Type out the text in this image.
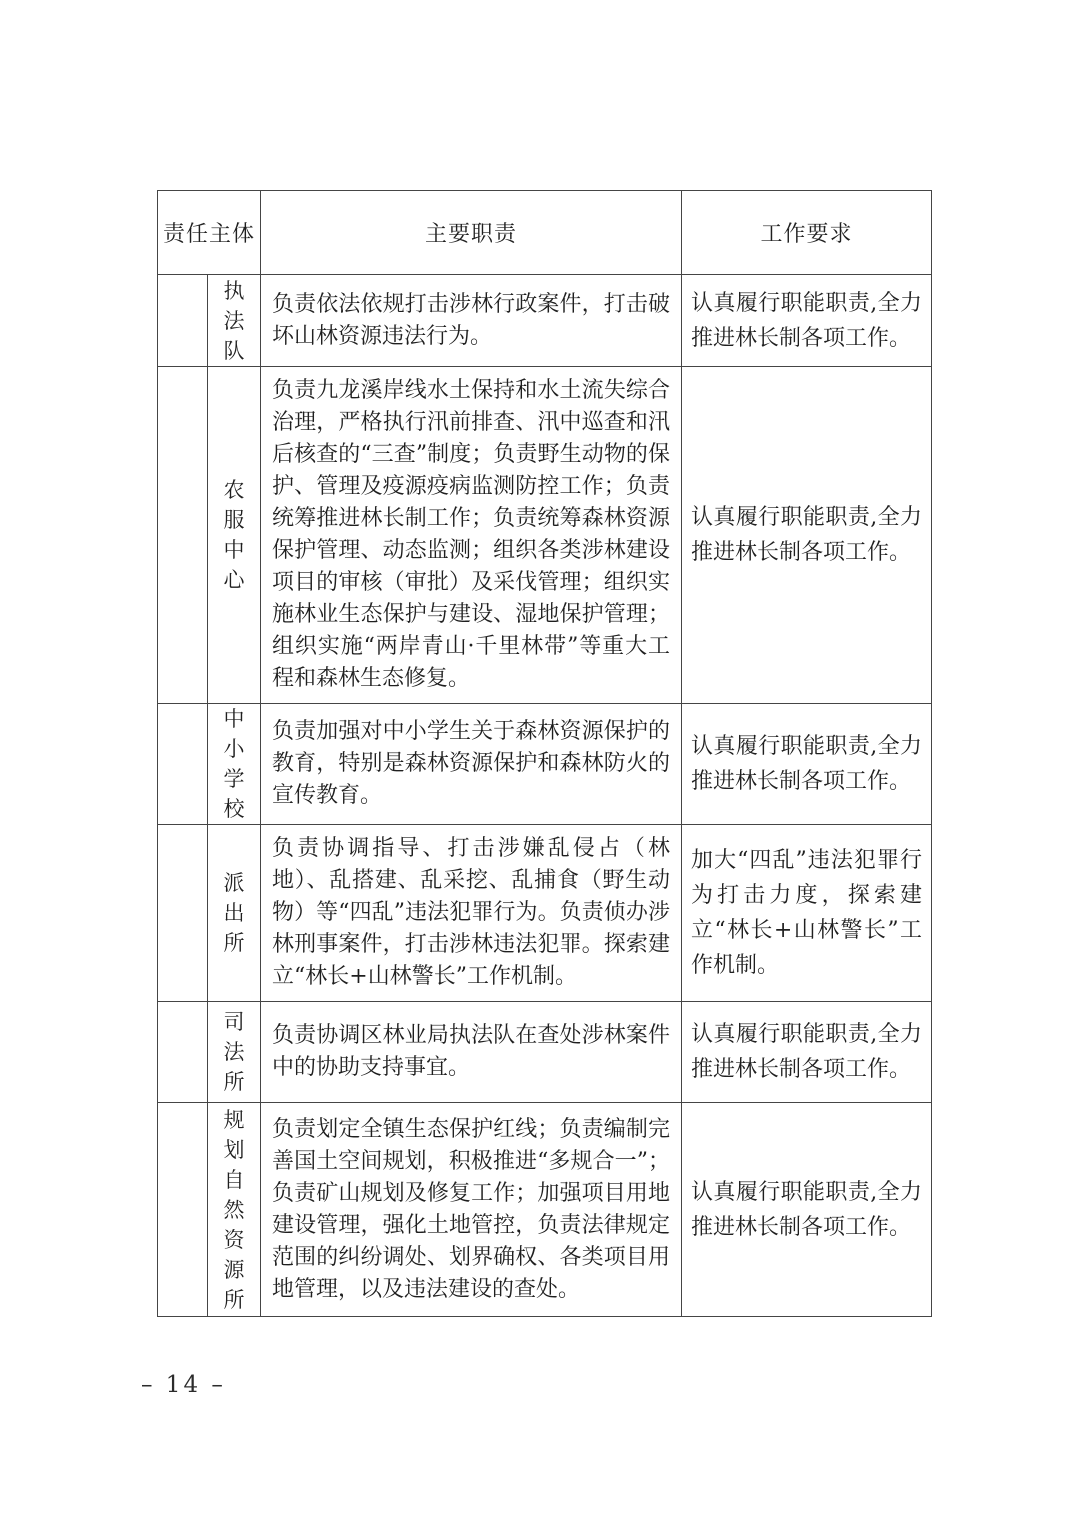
责任主体		主要职责	工作要求

	执法队	负责依法依规打击涉林行政案件，打击破坏山林资源违法行为。	认真履行职能职责,全力推进林长制各项工作。

	农服中心	负责九龙溪岸线水土保持和水土流失综合治理，严格执行汛前排查、汛中巡查和汛后核查的“三查”制度；负责野生动物的保护、管理及疫源疫病监测防控工作；负责统筹推进林长制工作；负责统筹森林资源保护管理、动态监测；组织各类涉林建设项目的审核（审批）及采伐管理；组织实施林业生态保护与建设、湿地保护管理；组织实施“两岸青山·千里林带”等重大工程和森林生态修复。	认真履行职能职责,全力推进林长制各项工作。

	中小学校	负责加强对中小学生关于森林资源保护的教育，特别是森林资源保护和森林防火的宣传教育。	认真履行职能职责,全力推进林长制各项工作。

	派出所	负责协调指导、打击涉嫌乱侵占（林地）、乱搭建、乱采挖、乱捕食（野生动物）等“四乱”违法犯罪行为。负责侦办涉林刑事案件，打击涉林违法犯罪。探索建立“林长+山林警长”工作机制。	加大“四乱”违法犯罪行为打击力度，探索建立“林长+山林警长”工作机制。

	司法所	负责协调区林业局执法队在查处涉林案件中的协助支持事宜。	认真履行职能职责,全力推进林长制各项工作。

	规划自然资源所	负责划定全镇生态保护红线；负责编制完善国土空间规划，积极推进“多规合一”；负责矿山规划及修复工作；加强项目用地建设管理，强化土地管控，负责法律规定范围的纠纷调处、划界确权、各类项目用地管理，以及违法建设的查处。	认真履行职能职责,全力推进林长制各项工作。
– 14 –
